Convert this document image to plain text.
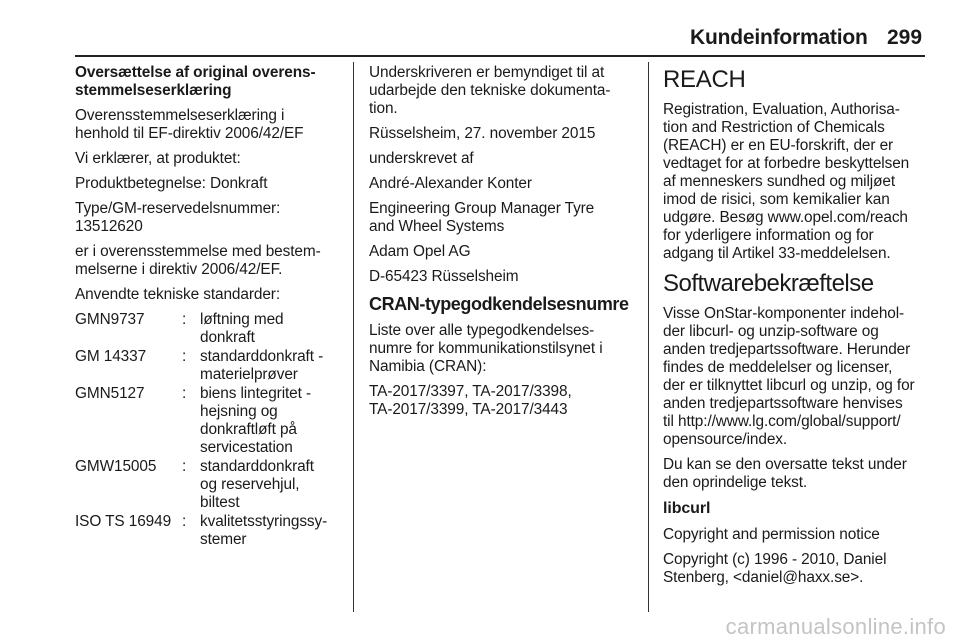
Kundeinformation 299

Oversættelse af original overens-
stemmelseserklæring

Overensstemmelseserklæring i
henhold til EF-direktiv 2006/42/EF

Vi erklærer, at produktet:

Produktbetegnelse: Donkraft

Type/GM-reservedelsnummer:
13512620

er i overensstemmelse med bestem-
melserne i direktiv 2006/42/EF.

Anvendte tekniske standarder:

GMN9737	: løftning med
donkraft
GM 14337	: standarddonkraft -
materielprøver
GMN5127	: biens lintegritet -
hejsning og
donkraftløft på
servicestation
GMW15005	: standarddonkraft
og reservehjul,
biltest
ISO TS 16949 : kvalitetsstyringssy-
stemer

Underskriveren er bemyndiget til at
udarbejde den tekniske dokumenta-
tion.

Rüsselsheim, 27. november 2015

underskrevet af

André-Alexander Konter

Engineering Group Manager Tyre
and Wheel Systems

Adam Opel AG

D-65423 Rüsselsheim

CRAN-typegodkendelsesnumre

Liste over alle typegodkendelses-
numre for kommunikationstilsynet i
Namibia (CRAN):

TA-2017/3397, TA-2017/3398,
TA-2017/3399, TA-2017/3443

REACH

Registration, Evaluation, Authorisa-
tion and Restriction of Chemicals
(REACH) er en EU-forskrift, der er
vedtaget for at forbedre beskyttelsen
af menneskers sundhed og miljøet
imod de risici, som kemikalier kan
udgøre. Besøg www.opel.com/reach
for yderligere information og for
adgang til Artikel 33-meddelelsen.

Softwarebekræftelse

Visse OnStar-komponenter indehol-
der libcurl- og unzip-software og
anden tredjepartssoftware. Herunder
findes de meddelelser og licenser,
der er tilknyttet libcurl og unzip, og for
anden tredjepartssoftware henvises
til http://www.lg.com/global/support/
opensource/index.

Du kan se den oversatte tekst under
den oprindelige tekst.

libcurl

Copyright and permission notice

Copyright (c) 1996 - 2010, Daniel
Stenberg, <daniel@haxx.se>.

carmanualsonline.info
